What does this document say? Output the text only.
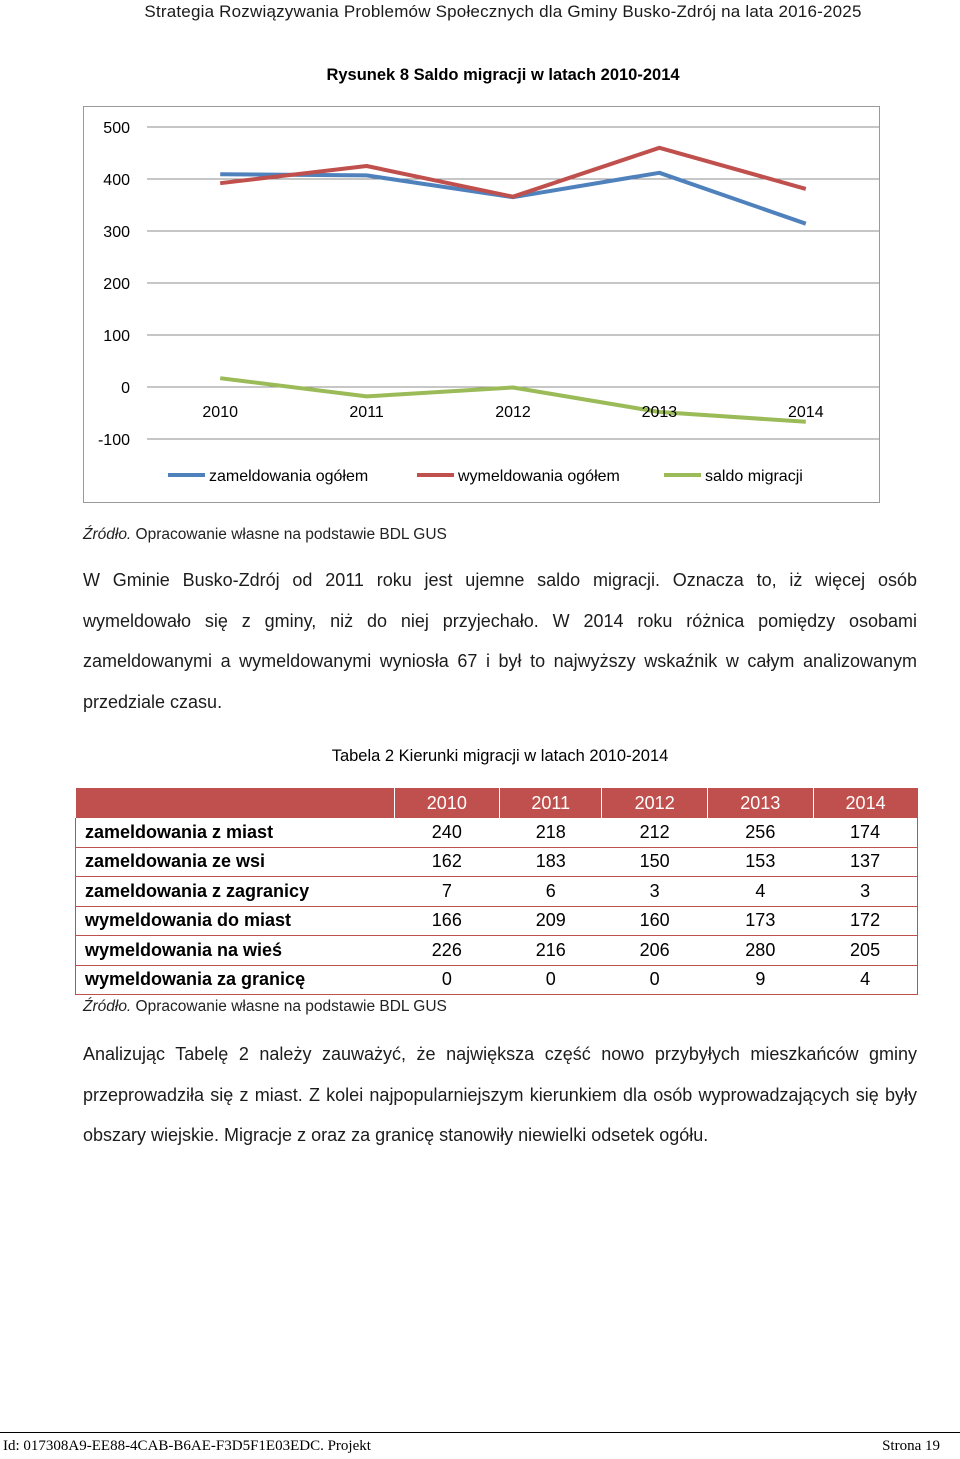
Strategia Rozwiązywania Problemów Społecznych dla Gminy Busko-Zdrój na lata 2016-2025
Rysunek 8 Saldo migracji w latach 2010-2014
500
400
300
200
100
0
-100
2010	2011	2012	2013	2014
zameldowania ogółem	wymeldowania ogółem	saldo migracji
Źródło. Opracowanie własne na podstawie BDL GUS
W Gminie Busko-Zdrój od 2011 roku jest ujemne saldo migracji. Oznacza to, iż więcej osób wymeldowało się z gminy, niż do niej przyjechało. W 2014 roku różnica pomiędzy osobami zameldowanymi a wymeldowanymi wyniosła 67 i był to najwyższy wskaźnik w całym analizowanym przedziale czasu.
Tabela 2 Kierunki migracji w latach 2010-2014
	2010	2011	2012	2013	2014
zameldowania z miast	240	218	212	256	174
zameldowania ze wsi	162	183	150	153	137
zameldowania z zagranicy	7	6	3	4	3
wymeldowania do miast	166	209	160	173	172
wymeldowania na wieś	226	216	206	280	205
wymeldowania za granicę	0	0	0	9	4
Źródło. Opracowanie własne na podstawie BDL GUS
Analizując Tabelę 2 należy zauważyć, że największa część nowo przybyłych mieszkańców gminy przeprowadziła się z miast. Z kolei najpopularniejszym kierunkiem dla osób wyprowadzających się były obszary wiejskie. Migracje z oraz za granicę stanowiły niewielki odsetek ogółu.
Id: 017308A9-EE88-4CAB-B6AE-F3D5F1E03EDC. Projekt	Strona 19
